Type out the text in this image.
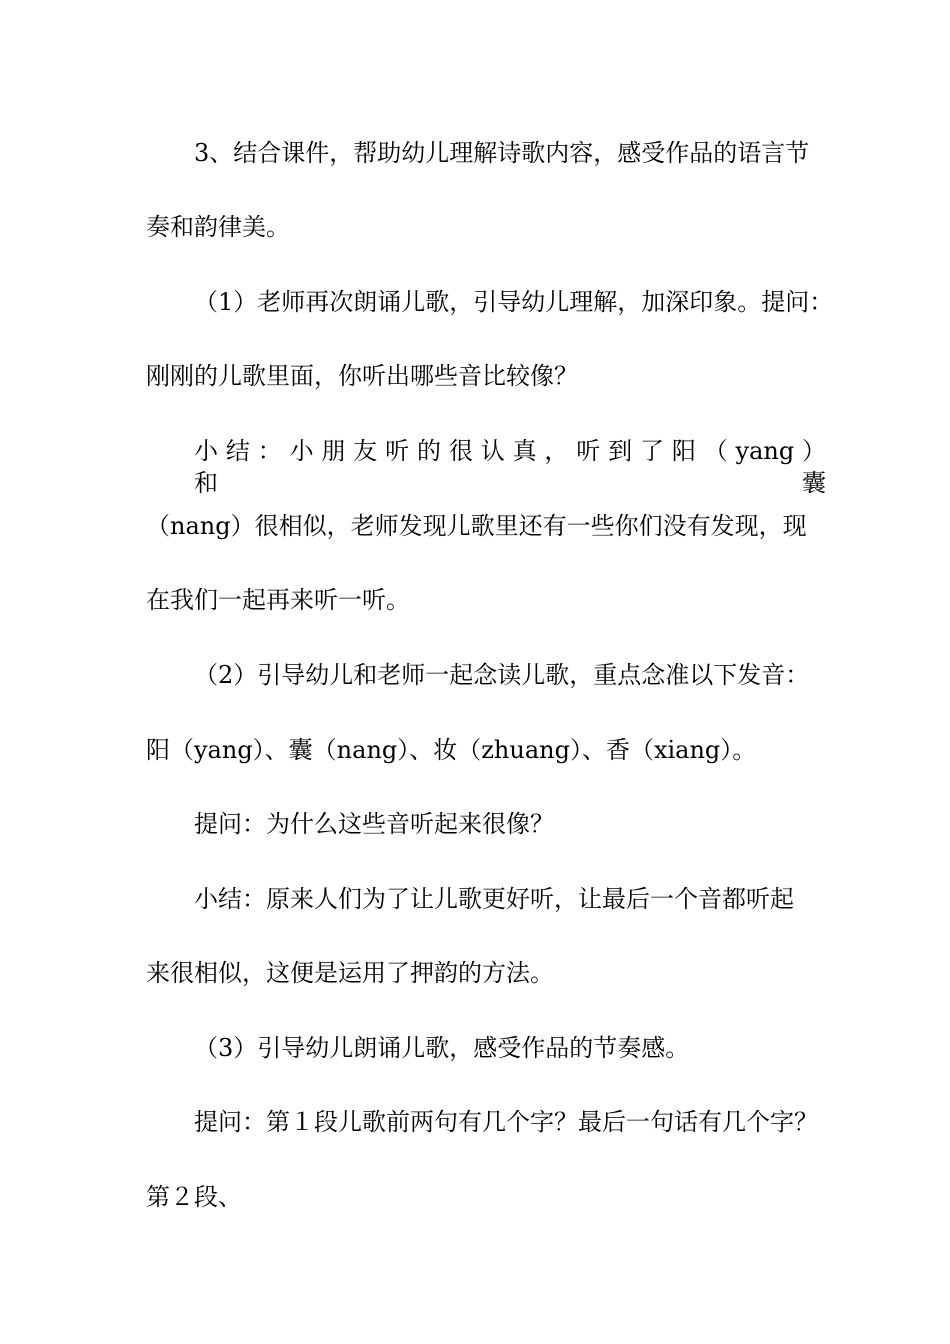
3、结合课件，帮助幼儿理解诗歌内容，感受作品的语言节
奏和韵律美。
（1）老师再次朗诵儿歌，引导幼儿理解，加深印象。提问：
刚刚的儿歌里面，你听出哪些音比较像？
小 结 ： 小 朋 友 听 的 很 认 真 ， 听 到 了 阳 （ yang ） 和 囊
（nang）很相似，老师发现儿歌里还有一些你们没有发现，现
在我们一起再来听一听。
（2）引导幼儿和老师一起念读儿歌，重点念准以下发音：
阳（yang）、囊（nang）、妆（zhuang）、香（xiang）。
提问：为什么这些音听起来很像？
小结：原来人们为了让儿歌更好听，让最后一个音都听起
来很相似，这便是运用了押韵的方法。
（3）引导幼儿朗诵儿歌，感受作品的节奏感。
提问：第１段儿歌前两句有几个字？最后一句话有几个字？
第２段、
